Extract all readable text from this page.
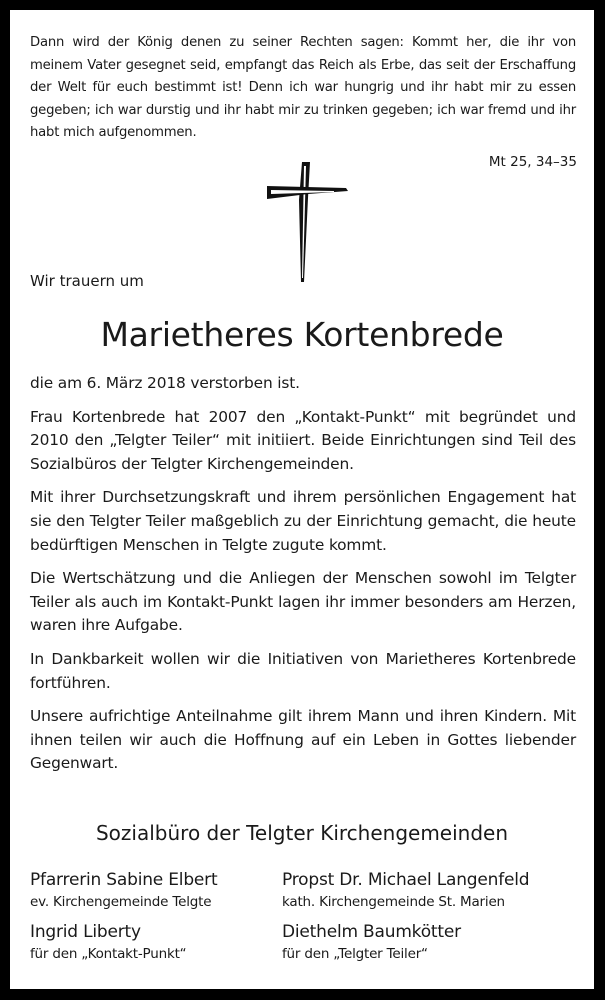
Dann wird der König denen zu seiner Rechten sagen: Kommt her, die ihr von meinem Vater gesegnet seid, empfangt das Reich als Erbe, das seit der Erschaffung der Welt für euch bestimmt ist! Denn ich war hungrig und ihr habt mir zu essen gegeben; ich war durstig und ihr habt mir zu trinken gegeben; ich war fremd und ihr habt mich aufgenommen.

Mt 25, 34–35
Wir trauern um
Marietheres Kortenbrede

die am 6. März 2018 verstorben ist.

Frau Kortenbrede hat 2007 den „Kontakt-Punkt“ mit begründet und 2010 den „Telgter Teiler“ mit initiiert. Beide Einrichtungen sind Teil des Sozialbüros der Telgter Kirchengemeinden.

Mit ihrer Durchsetzungskraft und ihrem persönlichen Engagement hat sie den Telgter Teiler maßgeblich zu der Einrichtung gemacht, die heute bedürftigen Menschen in Telgte zugute kommt.

Die Wertschätzung und die Anliegen der Menschen sowohl im Telgter Teiler als auch im Kontakt-Punkt lagen ihr immer besonders am Herzen, waren ihre Aufgabe.

In Dankbarkeit wollen wir die Initiativen von Marietheres Kortenbrede fortführen.

Unsere aufrichtige Anteilnahme gilt ihrem Mann und ihren Kindern. Mit ihnen teilen wir auch die Hoffnung auf ein Leben in Gottes liebender Gegenwart.

Sozialbüro der Telgter Kirchengemeinden
Pfarrerin Sabine Elbert
ev. Kirchengemeinde Telgte
Propst Dr. Michael Langenfeld
kath. Kirchengemeinde St. Marien
Ingrid Liberty
für den „Kontakt-Punkt“
Diethelm Baumkötter
für den „Telgter Teiler“
